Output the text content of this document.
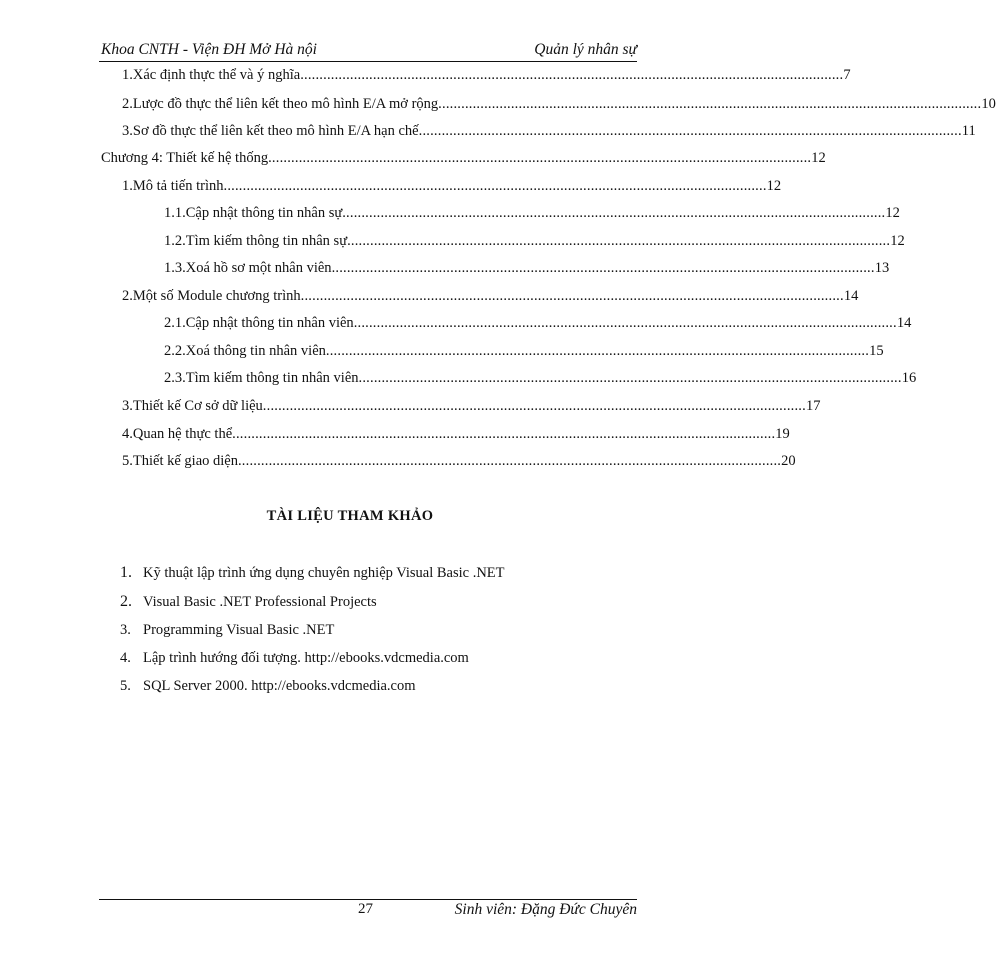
Khoa CNTH - Viện ĐH Mở Hà nội	Quản lý nhân sự
1. Xác định thực thể và ý nghĩa .............................................................................................................................................. 7
2. Lược đồ thực thể liên kết theo mô hình E/A mở rộng .............................................................................................................................................. 10
3. Sơ đồ thực thể liên kết theo mô hình E/A hạn chế .............................................................................................................................................. 11
Chương 4: Thiết kế hệ thống .............................................................................................................................................. 12
1. Mô tả tiến trình .............................................................................................................................................. 12
1.1. Cập nhật thông tin nhân sự .............................................................................................................................................. 12
1.2. Tìm kiếm thông tin nhân sự .............................................................................................................................................. 12
1.3. Xoá hồ sơ một nhân viên .............................................................................................................................................. 13
2. Một số Module chương trình .............................................................................................................................................. 14
2.1. Cập nhật thông tin nhân viên .............................................................................................................................................. 14
2.2. Xoá thông tin nhân viên .............................................................................................................................................. 15
2.3. Tìm kiếm thông tin nhân viên .............................................................................................................................................. 16
3. Thiết kế Cơ sở dữ liệu .............................................................................................................................................. 17
4. Quan hệ thực thể .............................................................................................................................................. 19
5. Thiết kế giao diện .............................................................................................................................................. 20
TÀI LIỆU THAM KHẢO
1. Kỹ thuật lập trình ứng dụng chuyên nghiệp Visual Basic .NET
2. Visual Basic .NET Professional Projects
3. Programming Visual Basic .NET
4. Lập trình hướng đối tượng. http://ebooks.vdcmedia.com
5. SQL Server 2000. http://ebooks.vdcmedia.com
27	Sinh viên: Đặng Đức Chuyên
